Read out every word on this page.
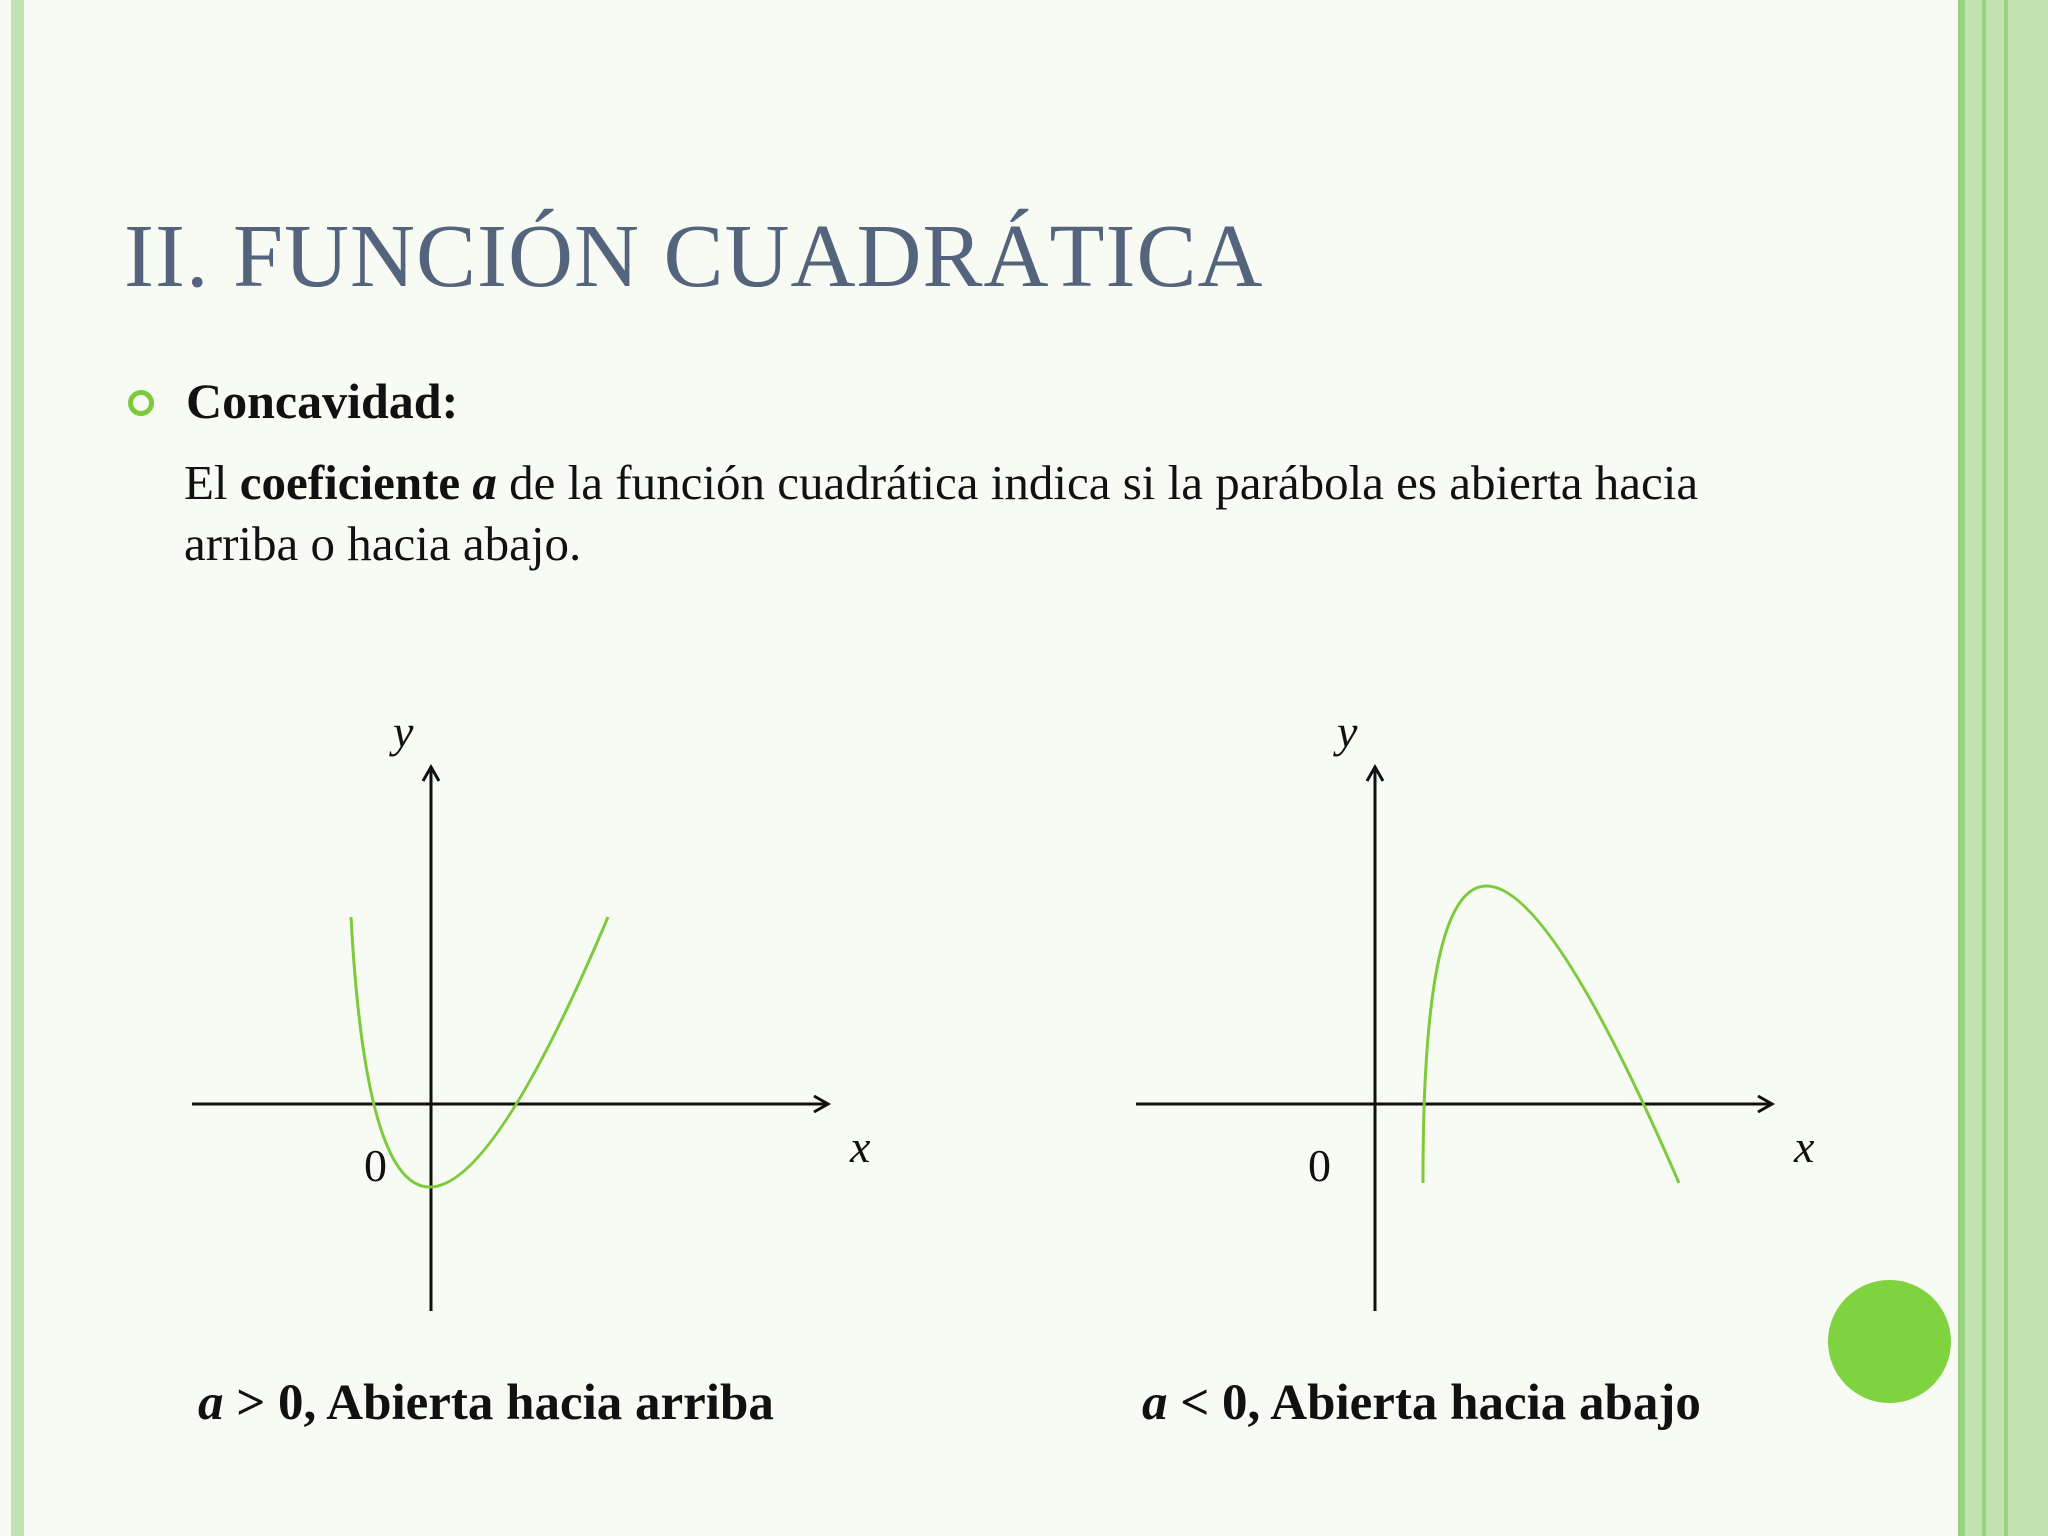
II. FUNCIÓN CUADRÁTICA
Concavidad:

El coeficiente a de la función cuadrática indica si la parábola es abierta hacia arriba o hacia abajo.

y
x
0
a > 0, Abierta hacia arriba
y
x
0
a < 0, Abierta hacia abajo
